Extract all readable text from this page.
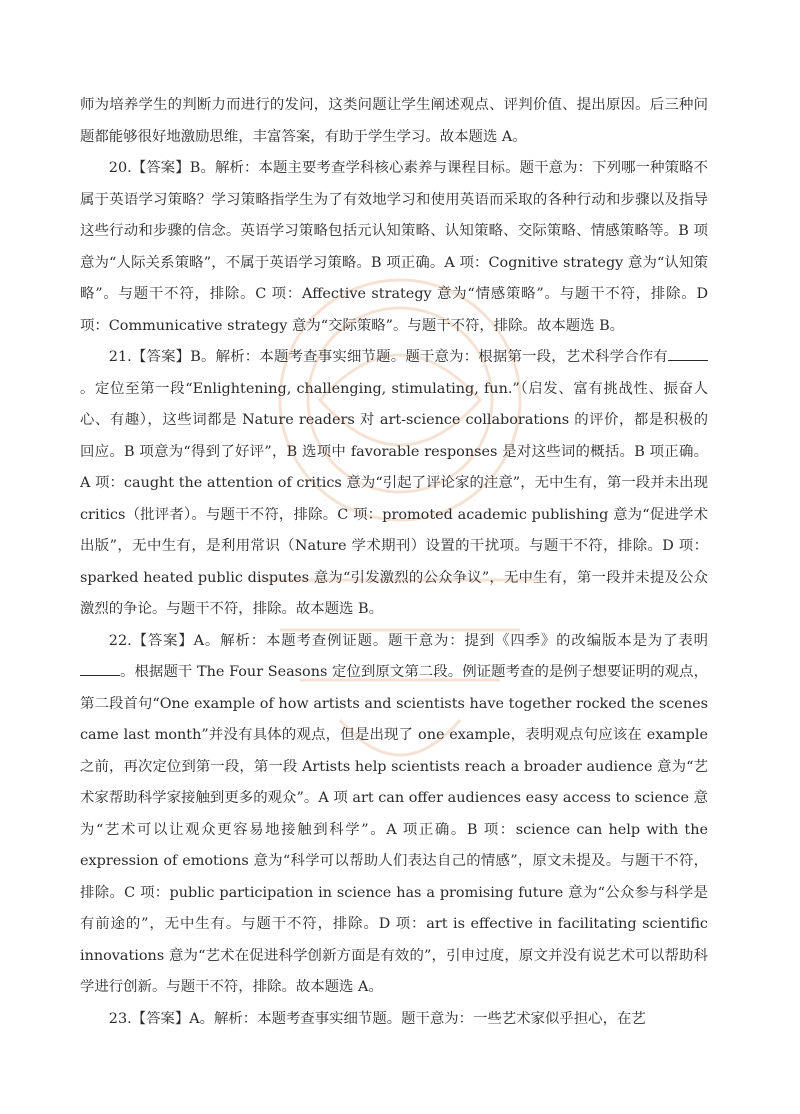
师为培养学生的判断力而进行的发问，这类问题让学生阐述观点、评判价值、提出原因。后三种问题都能够很好地激励思维，丰富答案，有助于学生学习。故本题选 A。

20.【答案】B。解析：本题主要考查学科核心素养与课程目标。题干意为：下列哪一种策略不属于英语学习策略？学习策略指学生为了有效地学习和使用英语而采取的各种行动和步骤以及指导这些行动和步骤的信念。英语学习策略包括元认知策略、认知策略、交际策略、情感策略等。B 项意为“人际关系策略”，不属于英语学习策略。B 项正确。A 项：Cognitive strategy 意为“认知策略”。与题干不符，排除。C 项：Affective strategy 意为“情感策略”。与题干不符，排除。D 项：Communicative strategy 意为“交际策略”。与题干不符，排除。故本题选 B。

21.【答案】B。解析：本题考查事实细节题。题干意为：根据第一段，艺术科学合作有。定位至第一段“Enlightening, challenging, stimulating, fun.”（启发、富有挑战性、振奋人心、有趣），这些词都是 Nature readers 对 art-science collaborations 的评价，都是积极的回应。B 项意为“得到了好评”，B 选项中 favorable responses 是对这些词的概括。B 项正确。A 项：caught the attention of critics 意为“引起了评论家的注意”，无中生有，第一段并未出现 critics（批评者）。与题干不符，排除。C 项：promoted academic publishing 意为“促进学术出版”，无中生有，是利用常识（Nature 学术期刊）设置的干扰项。与题干不符，排除。D 项：sparked heated public disputes 意为“引发激烈的公众争议”，无中生有，第一段并未提及公众激烈的争论。与题干不符，排除。故本题选 B。

22.【答案】A。解析：本题考查例证题。题干意为：提到《四季》的改编版本是为了表明。根据题干 The Four Seasons 定位到原文第二段。例证题考查的是例子想要证明的观点，第二段首句“One example of how artists and scientists have together rocked the scenes came last month”并没有具体的观点，但是出现了 one example，表明观点句应该在 example 之前，再次定位到第一段，第一段 Artists help scientists reach a broader audience 意为“艺术家帮助科学家接触到更多的观众”。A 项 art can offer audiences easy access to science 意为“艺术可以让观众更容易地接触到科学”。A 项正确。B 项：science can help with the expression of emotions 意为“科学可以帮助人们表达自己的情感”，原文未提及。与题干不符，排除。C 项：public participation in science has a promising future 意为“公众参与科学是有前途的”，无中生有。与题干不符，排除。D 项：art is effective in facilitating scientific innovations 意为“艺术在促进科学创新方面是有效的”，引申过度，原文并没有说艺术可以帮助科学进行创新。与题干不符，排除。故本题选 A。

23.【答案】A。解析：本题考查事实细节题。题干意为：一些艺术家似乎担心，在艺
